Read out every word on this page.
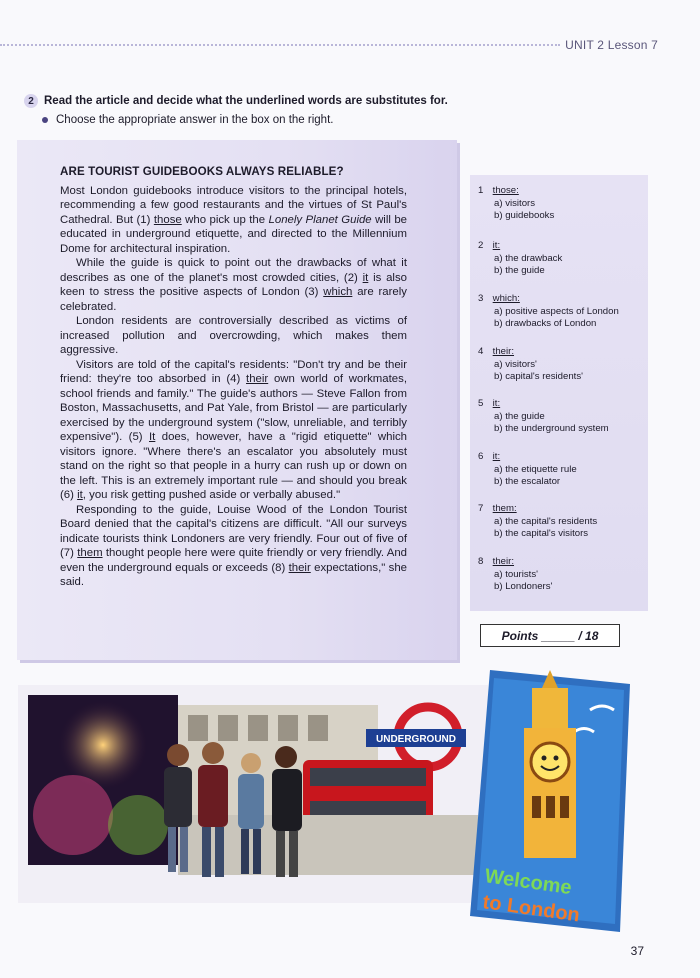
UNIT 2 Lesson 7
2 Read the article and decide what the underlined words are substitutes for.
Choose the appropriate answer in the box on the right.
ARE TOURIST GUIDEBOOKS ALWAYS RELIABLE?

Most London guidebooks introduce visitors to the principal hotels, recommending a few good restaurants and the virtues of St Paul's Cathedral. But (1) those who pick up the Lonely Planet Guide will be educated in underground etiquette, and directed to the Millennium Dome for architectural inspiration.

While the guide is quick to point out the drawbacks of what it describes as one of the planet's most crowded cities, (2) it is also keen to stress the positive aspects of London (3) which are rarely celebrated.

London residents are controversially described as victims of increased pollution and overcrowding, which makes them aggressive.

Visitors are told of the capital's residents: "Don't try and be their friend: they're too absorbed in (4) their own world of workmates, school friends and family." The guide's authors — Steve Fallon from Boston, Massachusetts, and Pat Yale, from Bristol — are particularly exercised by the underground system ("slow, unreliable, and terribly expensive"). (5) It does, however, have a "rigid etiquette" which visitors ignore. "Where there's an escalator you absolutely must stand on the right so that people in a hurry can rush up or down on the left. This is an extremely important rule — and should you break (6) it, you risk getting pushed aside or verbally abused."

Responding to the guide, Louise Wood of the London Tourist Board denied that the capital's citizens are difficult. "All our surveys indicate tourists think Londoners are very friendly. Four out of five of (7) them thought people here were quite friendly or very friendly. And even the underground equals or exceeds (8) their expectations," she said.

1 those:
a) visitors
b) guidebooks
2 it:
a) the drawback
b) the guide
3 which:
a) positive aspects of London
b) drawbacks of London
4 their:
a) visitors'
b) capital's residents'
5 it:
a) the guide
b) the underground system
6 it:
a) the etiquette rule
b) the escalator
7 them:
a) the capital's residents
b) the capital's visitors
8 their:
a) tourists'
b) Londoners'
Points
_____
/ 18
UNDERGROUND
Welcome
to London
37
